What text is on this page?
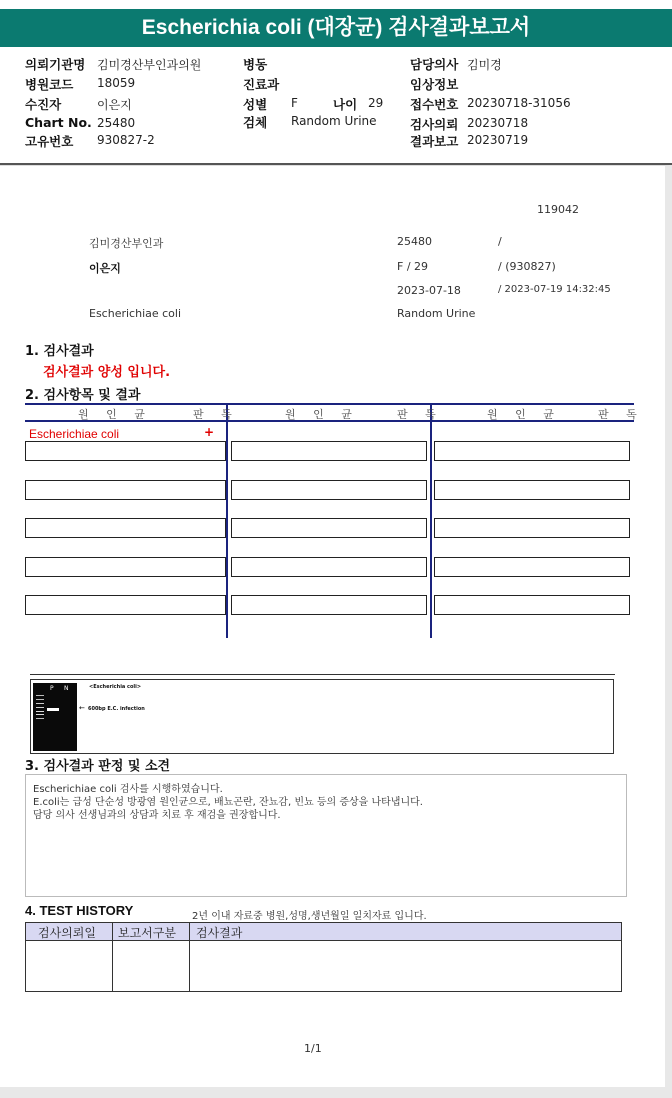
Escherichia coli (대장균) 검사결과보고서
의뢰기관명 김미경산부인과의원
병원코드 18059
수진자	이은지
Chart No. 25480
고유번호 930827-2
병동
진료과
성별 F	나이 29
검체 Random Urine
담당의사 김미경
임상정보
접수번호 20230718-31056
검사의뢰 20230718
결과보고 20230719
119042
김미경산부인과	25480	/
이은지	F / 29	/ (930827)
2023-07-18	/ 2023-07-19 14:32:45
Escherichiae coli	Random Urine
1. 검사결과
검사결과 양성 입니다.
2. 검사항목 및 결과
원 인 균	판 독	원 인 균	판 독	원 인 균	판 독
Escherichiae coli	+
P N	<Escherichia coli>
← 600bp E.C. infection
3. 검사결과 판정 및 소견
Escherichiae coli 검사를 시행하였습니다.
E.coli는 급성 단순성 방광염 원인균으로, 배뇨곤란, 잔뇨감, 빈뇨 등의 증상을 나타냅니다.
담당 의사 선생님과의 상담과 치료 후 재검을 권장합니다.
4. TEST HISTORY	2년 이내 자료중 병원,성명,생년월일 일치자료 입니다.
검사의뢰일 보고서구분 검사결과
1/1
